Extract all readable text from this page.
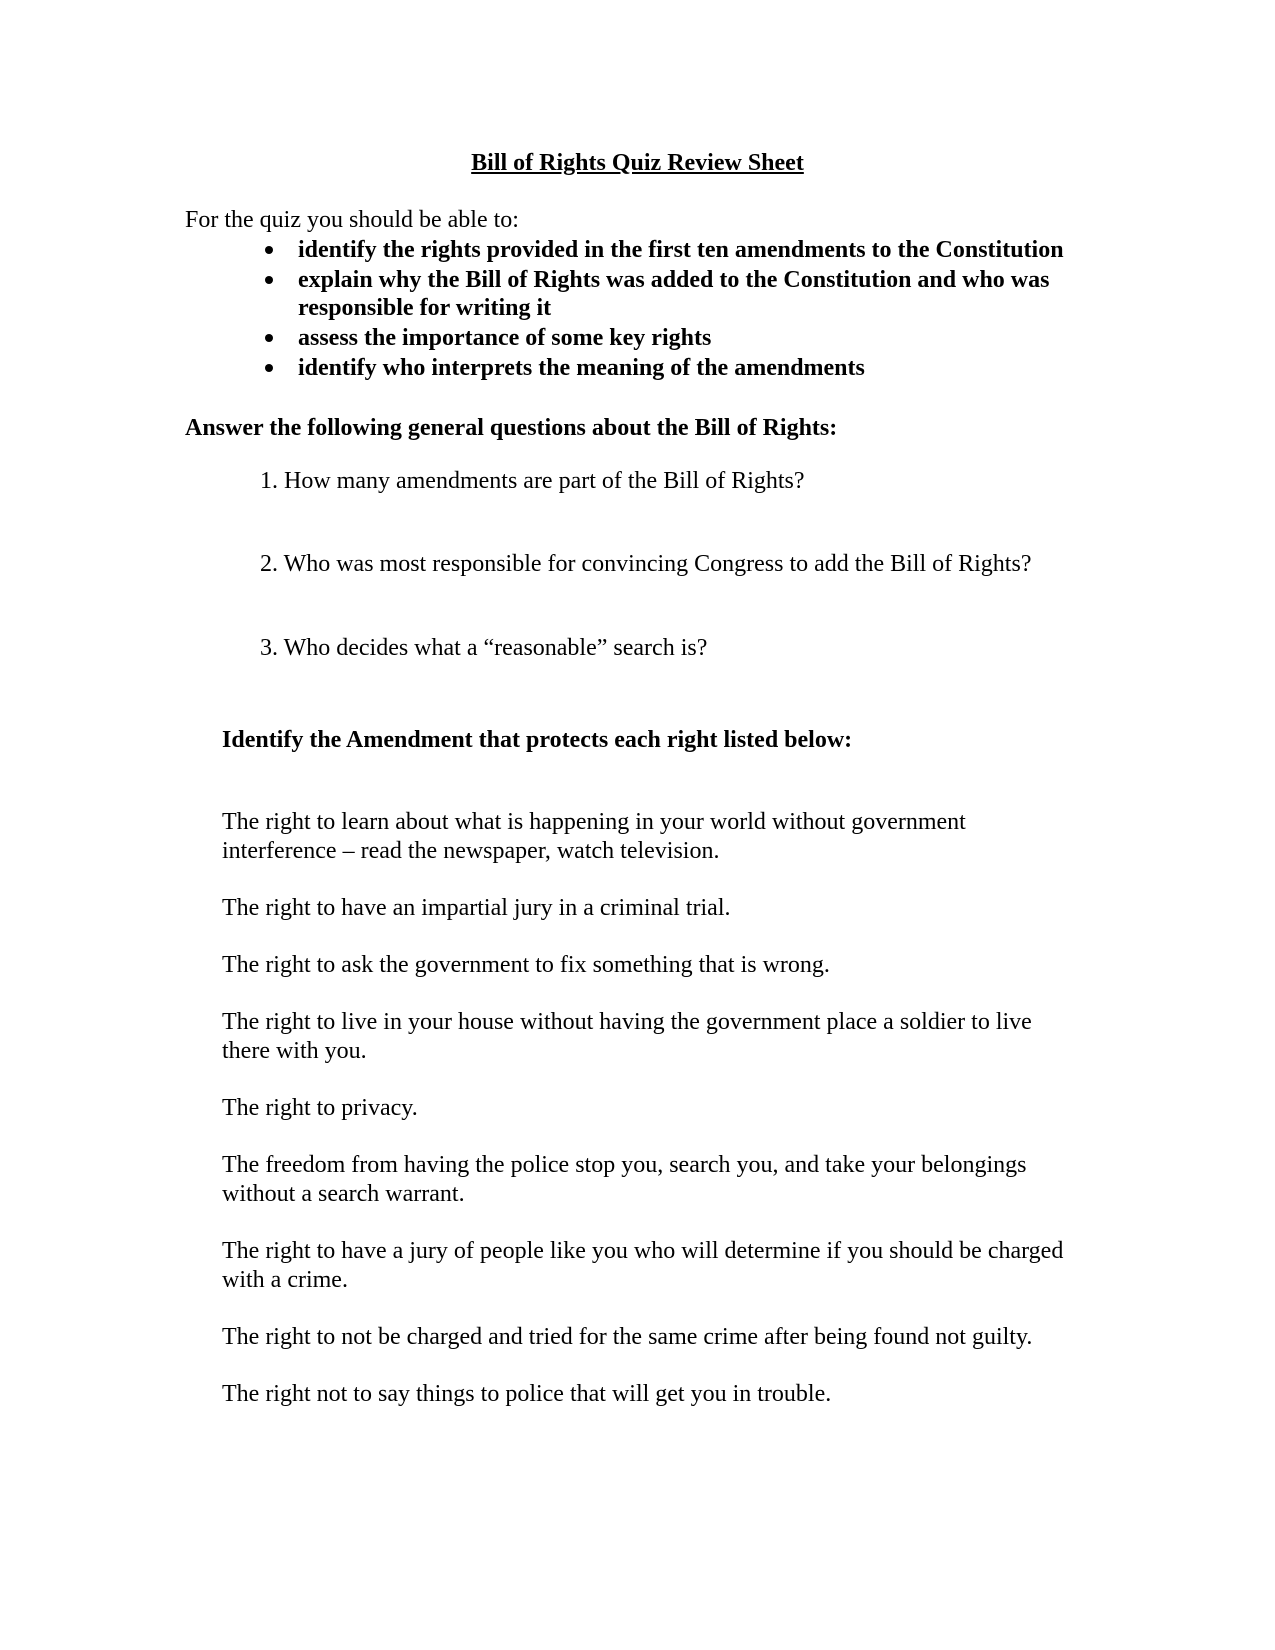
Bill of Rights Quiz Review Sheet
For the quiz you should be able to:
identify the rights provided in the first ten amendments to the Constitution
explain why the Bill of Rights was added to the Constitution and who was responsible for writing it
assess the importance of some key rights
identify who interprets the meaning of the amendments
Answer the following general questions about the Bill of Rights:
1. How many amendments are part of the Bill of Rights?
2. Who was most responsible for convincing Congress to add the Bill of Rights?
3. Who decides what a “reasonable” search is?
Identify the Amendment that protects each right listed below:
The right to learn about what is happening in your world without government interference – read the newspaper, watch television.
The right to have an impartial jury in a criminal trial.
The right to ask the government to fix something that is wrong.
The right to live in your house without having the government place a soldier to live there with you.
The right to privacy.
The freedom from having the police stop you, search you, and take your belongings without a search warrant.
The right to have a jury of people like you who will determine if you should be charged with a crime.
The right to not be charged and tried for the same crime after being found not guilty.
The right not to say things to police that will get you in trouble.
